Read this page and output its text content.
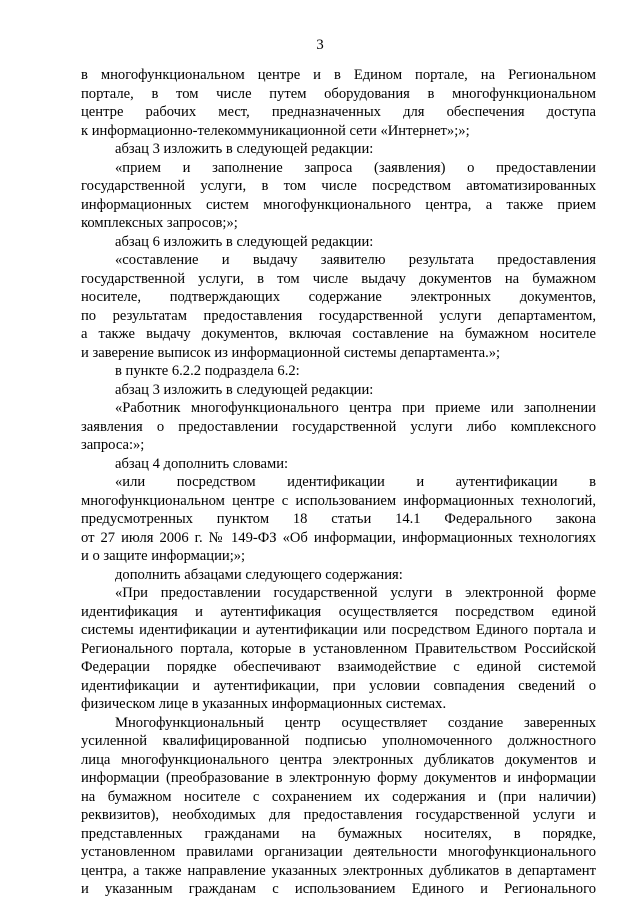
3
в многофункциональном центре и в Едином портале, на Региональном
портале, в том числе путем оборудования в многофункциональном
центре рабочих мест, предназначенных для обеспечения доступа
к информационно-телекоммуникационной сети «Интернет»;»;
абзац 3 изложить в следующей редакции:
«прием и заполнение запроса (заявления) о предоставлении
государственной услуги, в том числе посредством автоматизированных
информационных систем многофункционального центра, а также прием
комплексных запросов;»;
абзац 6 изложить в следующей редакции:
«составление и выдачу заявителю результата предоставления
государственной услуги, в том числе выдачу документов на бумажном
носителе, подтверждающих содержание электронных документов,
по результатам предоставления государственной услуги департаментом,
а также выдачу документов, включая составление на бумажном носителе
и заверение выписок из информационной системы департамента.»;
в пункте 6.2.2 подраздела 6.2:
абзац 3 изложить в следующей редакции:
«Работник многофункционального центра при приеме или заполнении
заявления о предоставлении государственной услуги либо комплексного
запроса:»;
абзац 4 дополнить словами:
«или посредством идентификации и аутентификации в
многофункциональном центре с использованием информационных технологий,
предусмотренных пунктом 18 статьи 14.1 Федерального закона
от 27 июля 2006 г. № 149-ФЗ «Об информации, информационных технологиях
и о защите информации;»;
дополнить абзацами следующего содержания:
«При предоставлении государственной услуги в электронной форме
идентификация и аутентификация осуществляется посредством единой
системы идентификации и аутентификации или посредством Единого портала и
Регионального портала, которые в установленном Правительством Российской
Федерации порядке обеспечивают взаимодействие с единой системой
идентификации и аутентификации, при условии совпадения сведений о
физическом лице в указанных информационных системах.
Многофункциональный центр осуществляет создание заверенных
усиленной квалифицированной подписью уполномоченного должностного
лица многофункционального центра электронных дубликатов документов и
информации (преобразование в электронную форму документов и информации
на бумажном носителе с сохранением их содержания и (при наличии)
реквизитов), необходимых для предоставления государственной услуги и
представленных гражданами на бумажных носителях, в порядке,
установленном правилами организации деятельности многофункционального
центра, а также направление указанных электронных дубликатов в департамент
и указанным гражданам с использованием Единого и Регионального
